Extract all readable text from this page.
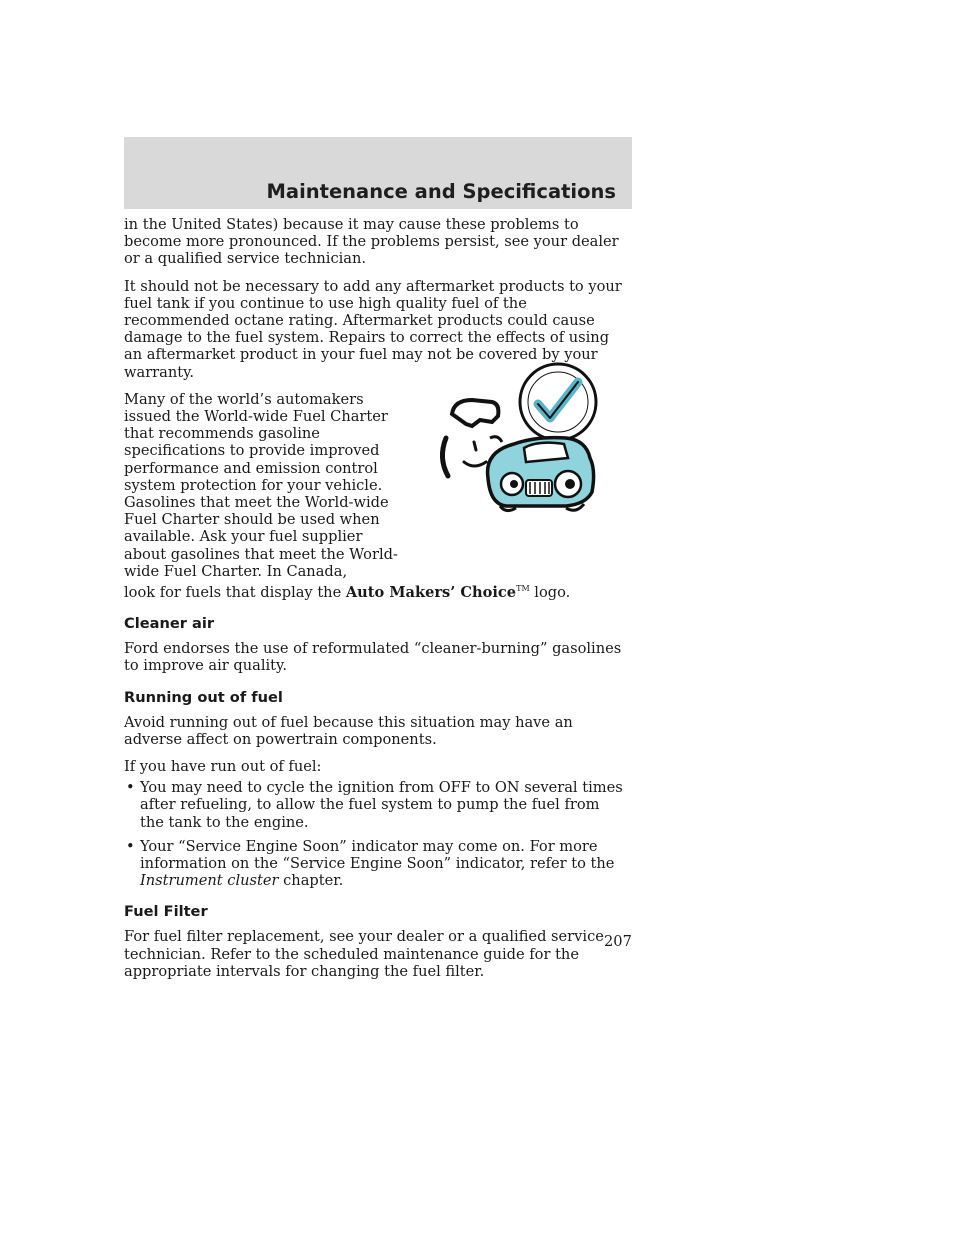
Maintenance and Specifications

in the United States) because it may cause these problems to become more pronounced. If the problems persist, see your dealer or a qualified service technician.

It should not be necessary to add any aftermarket products to your fuel tank if you continue to use high quality fuel of the recommended octane rating. Aftermarket products could cause damage to the fuel system. Repairs to correct the effects of using an aftermarket product in your fuel may not be covered by your warranty.

Many of the world’s automakers issued the World-wide Fuel Charter that recommends gasoline specifications to provide improved performance and emission control system protection for your vehicle. Gasolines that meet the World-wide Fuel Charter should be used when available. Ask your fuel supplier about gasolines that meet the World-wide Fuel Charter. In Canada,
look for fuels that display the Auto Makers’ Choice™ logo.

Cleaner air

Ford endorses the use of reformulated “cleaner-burning” gasolines to improve air quality.

Running out of fuel

Avoid running out of fuel because this situation may have an adverse affect on powertrain components.

If you have run out of fuel:

• You may need to cycle the ignition from OFF to ON several times after refueling, to allow the fuel system to pump the fuel from the tank to the engine.
• Your “Service Engine Soon” indicator may come on. For more information on the “Service Engine Soon” indicator, refer to the Instrument cluster chapter.
Fuel Filter

For fuel filter replacement, see your dealer or a qualified service technician. Refer to the scheduled maintenance guide for the appropriate intervals for changing the fuel filter.

207
